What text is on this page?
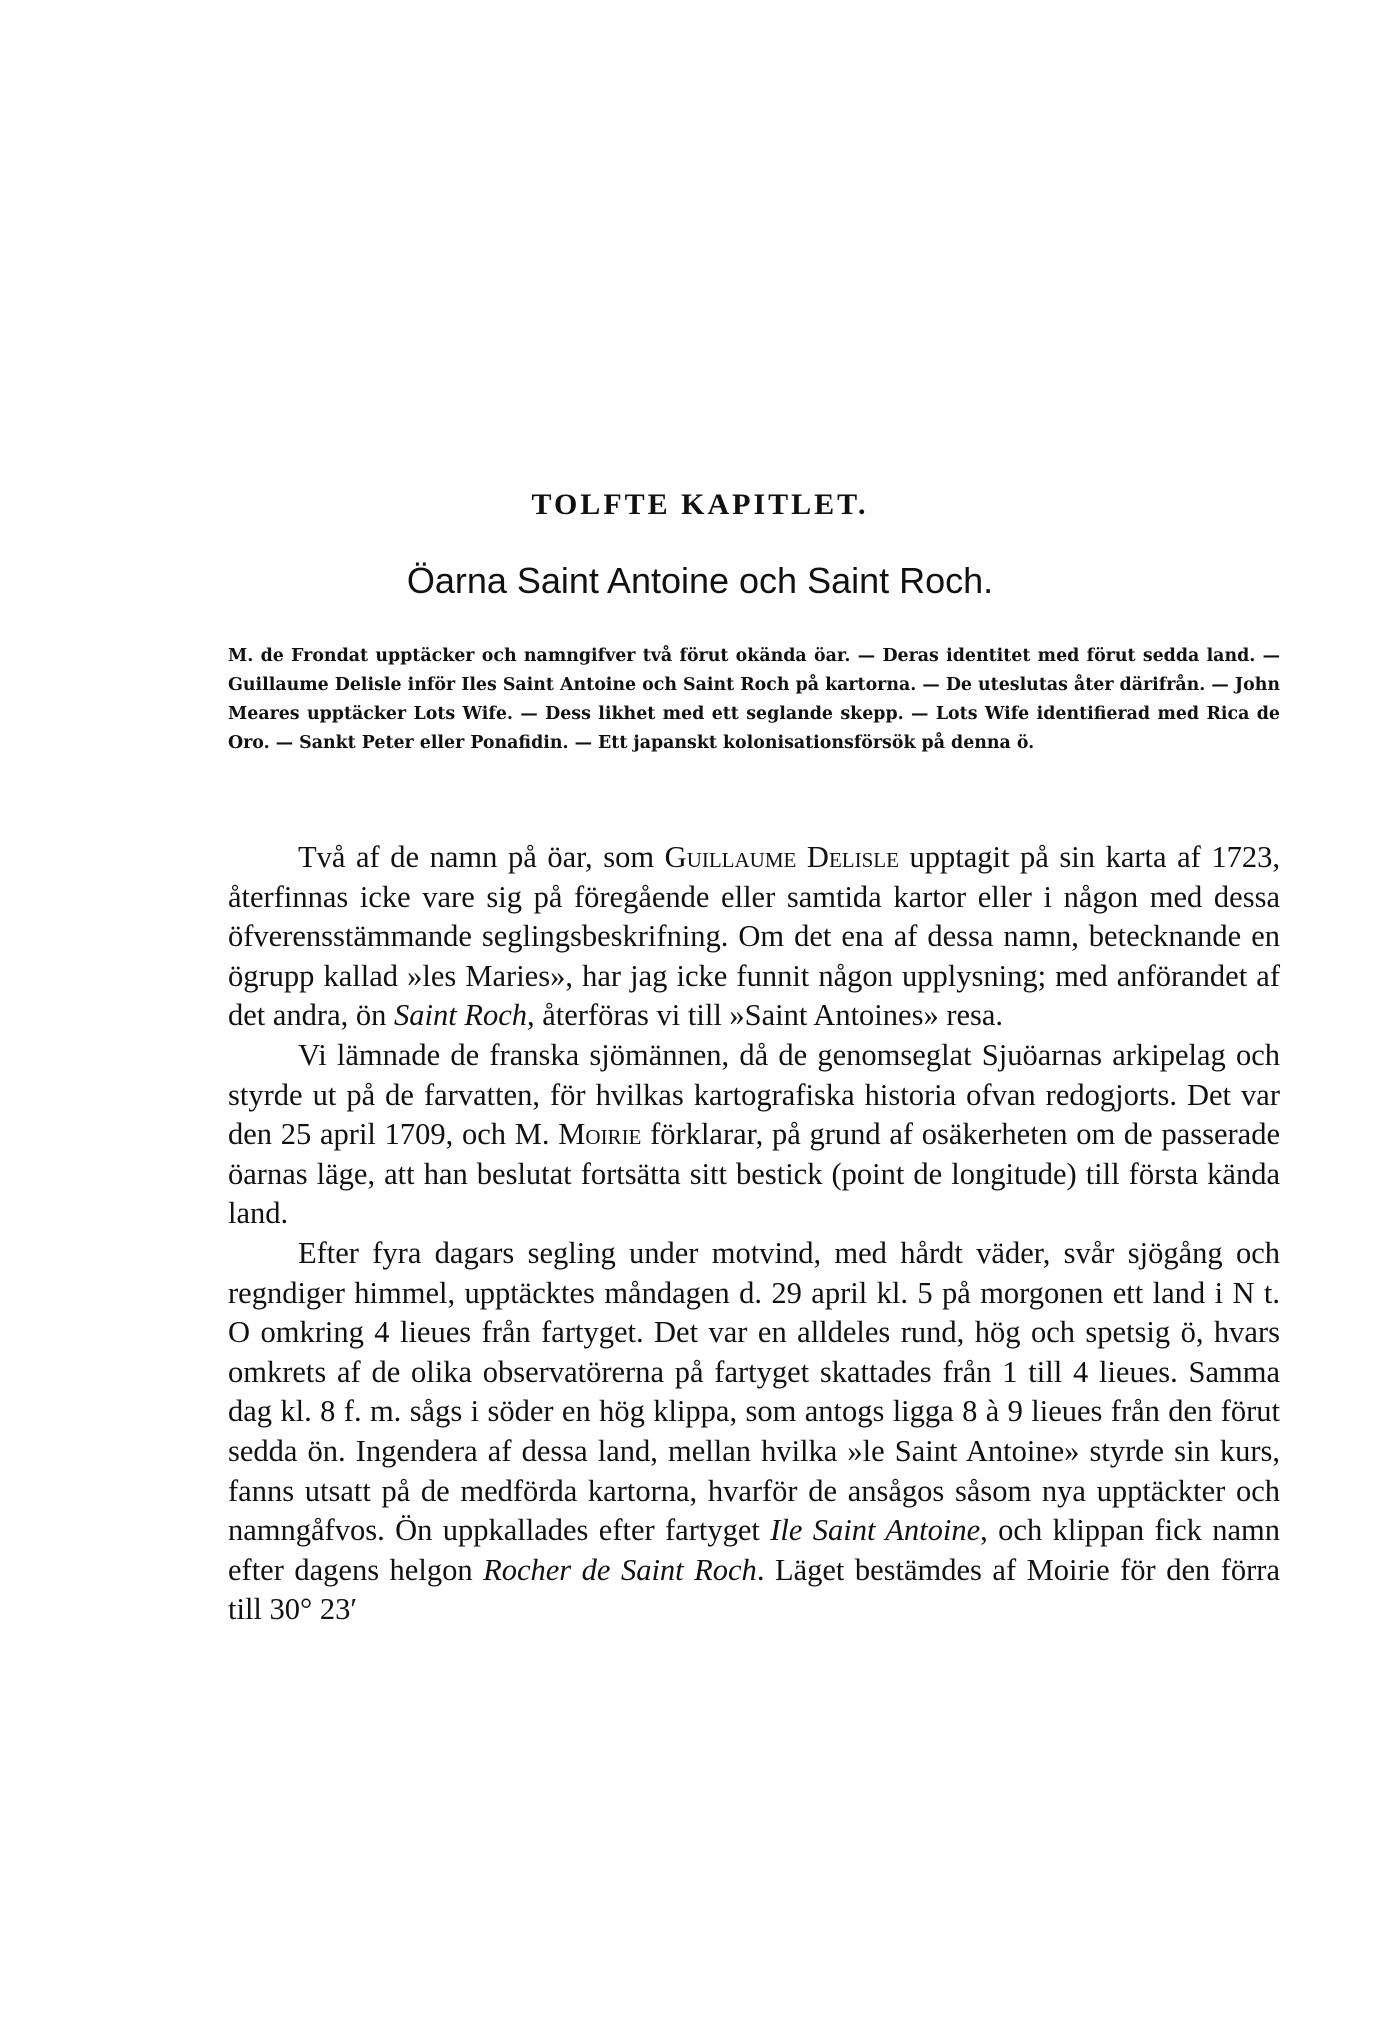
TOLFTE KAPITLET.
Öarna Saint Antoine och Saint Roch.

M. de Frondat upptäcker och namngifver två förut okända öar. — Deras identitet med förut sedda land. — Guillaume Delisle inför Iles Saint Antoine och Saint Roch på kartorna. — De uteslutas åter därifrån. — John Meares upptäcker Lots Wife. — Dess likhet med ett seglande skepp. — Lots Wife identifierad med Rica de Oro. — Sankt Peter eller Ponafidin. — Ett japanskt kolonisationsförsök på denna ö.

Två af de namn på öar, som Guillaume Delisle upptagit på sin karta af 1723, återfinnas icke vare sig på föregående eller samtida kartor eller i någon med dessa öfverensstämmande seglingsbeskrifning. Om det ena af dessa namn, betecknande en ögrupp kallad »les Maries», har jag icke funnit någon upplysning; med anförandet af det andra, ön Saint Roch, återföras vi till »Saint Antoines» resa.

Vi lämnade de franska sjömännen, då de genomseglat Sjuöarnas arkipelag och styrde ut på de farvatten, för hvilkas kartografiska historia ofvan redogjorts. Det var den 25 april 1709, och M. Moirie förklarar, på grund af osäkerheten om de passerade öarnas läge, att han beslutat fortsätta sitt bestick (point de longitude) till första kända land.

Efter fyra dagars segling under motvind, med hårdt väder, svår sjögång och regndiger himmel, upptäcktes måndagen d. 29 april kl. 5 på morgonen ett land i N t. O omkring 4 lieues från fartyget. Det var en alldeles rund, hög och spetsig ö, hvars omkrets af de olika observatörerna på fartyget skattades från 1 till 4 lieues. Samma dag kl. 8 f. m. sågs i söder en hög klippa, som antogs ligga 8 à 9 lieues från den förut sedda ön. Ingendera af dessa land, mellan hvilka »le Saint Antoine» styrde sin kurs, fanns utsatt på de medförda kartorna, hvarför de ansågos såsom nya upptäckter och namngåfvos. Ön uppkallades efter fartyget Ile Saint Antoine, och klippan fick namn efter dagens helgon Rocher de Saint Roch. Läget bestämdes af Moirie för den förra till 30° 23′
